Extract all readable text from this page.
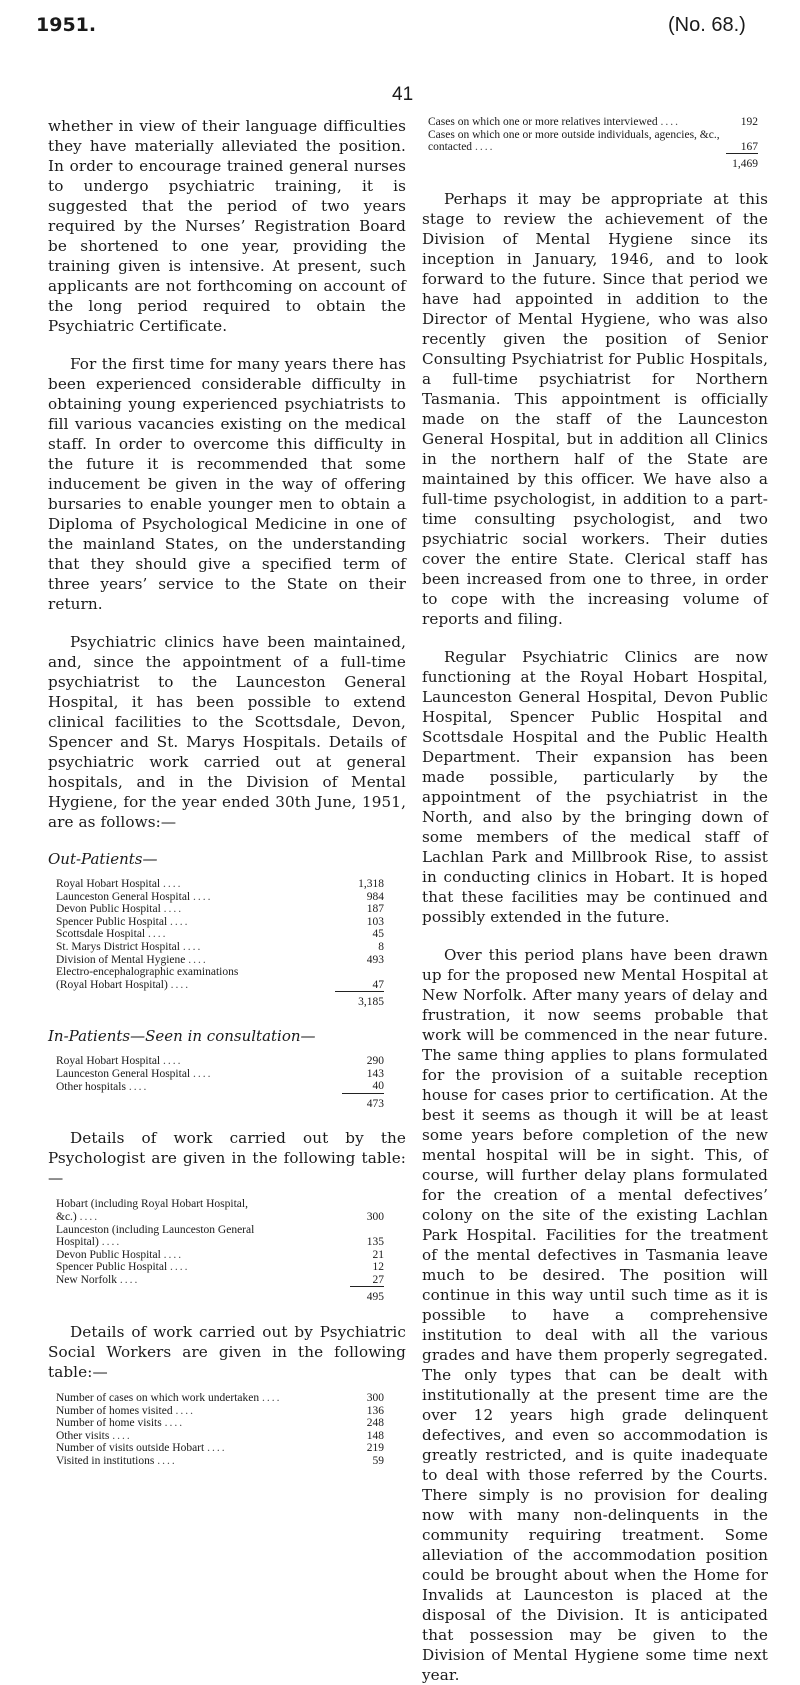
1951.	(No. 68.)
41

whether in view of their language difficulties they have materially alleviated the position. In order to encourage trained general nurses to undergo psychiatric training, it is suggested that the period of two years required by the Nurses’ Registration Board be shortened to one year, providing the training given is intensive. At present, such applicants are not forthcoming on account of the long period required to obtain the Psychiatric Certificate.

For the first time for many years there has been experienced considerable difficulty in obtaining young experienced psychiatrists to fill various vacancies existing on the medical staff. In order to overcome this difficulty in the future it is recommended that some inducement be given in the way of offering bursaries to enable younger men to obtain a Diploma of Psychological Medicine in one of the mainland States, on the understanding that they should give a specified term of three years’ service to the State on their return.

Psychiatric clinics have been maintained, and, since the appointment of a full-time psychiatrist to the Launceston General Hospital, it has been possible to extend clinical facilities to the Scottsdale, Devon, Spencer and St. Marys Hospitals. Details of psychiatric work carried out at general hospitals, and in the Division of Mental Hygiene, for the year ended 30th June, 1951, are as follows:—

Out-Patients—

Royal Hobart Hospital ....	1,318
Launceston General Hospital ....	984
Devon Public Hospital ....	187
Spencer Public Hospital ....	103
Scottsdale Hospital ....	45
St. Marys District Hospital ....	8
Division of Mental Hygiene ....	493
Electro-encephalographic examinations	
(Royal Hobart Hospital) ....	47
	3,185

In-Patients—Seen in consultation—

Royal Hobart Hospital ....	290
Launceston General Hospital ....	143
Other hospitals ....	40
	473

Details of work carried out by the Psychologist are given in the following table:—

Hobart (including Royal Hobart Hospital,	
&c.) ....	300
Launceston (including Launceston General	
Hospital) ....	135
Devon Public Hospital ....	21
Spencer Public Hospital ....	12
New Norfolk ....	27
	495

Details of work carried out by Psychiatric Social Workers are given in the following table:—

Number of cases on which work undertaken ....	300
Number of homes visited ....	136
Number of home visits ....	248
Other visits ....	148
Number of visits outside Hobart ....	219
Visited in institutions ....	59
Cases on which one or more relatives interviewed ....	192
Cases on which one or more outside individuals, agencies, &c., contacted ....	167
	1,469

Perhaps it may be appropriate at this stage to review the achievement of the Division of Mental Hygiene since its inception in January, 1946, and to look forward to the future. Since that period we have had appointed in addition to the Director of Mental Hygiene, who was also recently given the position of Senior Consulting Psychiatrist for Public Hospitals, a full-time psychiatrist for Northern Tasmania. This appointment is officially made on the staff of the Launceston General Hospital, but in addition all Clinics in the northern half of the State are maintained by this officer. We have also a full-time psychologist, in addition to a part-time consulting psychologist, and two psychiatric social workers. Their duties cover the entire State. Clerical staff has been increased from one to three, in order to cope with the increasing volume of reports and filing.

Regular Psychiatric Clinics are now functioning at the Royal Hobart Hospital, Launceston General Hospital, Devon Public Hospital, Spencer Public Hospital and Scottsdale Hospital and the Public Health Department. Their expansion has been made possible, particularly by the appointment of the psychiatrist in the North, and also by the bringing down of some members of the medical staff of Lachlan Park and Millbrook Rise, to assist in conducting clinics in Hobart. It is hoped that these facilities may be continued and possibly extended in the future.

Over this period plans have been drawn up for the proposed new Mental Hospital at New Norfolk. After many years of delay and frustration, it now seems probable that work will be commenced in the near future. The same thing applies to plans formulated for the provision of a suitable reception house for cases prior to certification. At the best it seems as though it will be at least some years before completion of the new mental hospital will be in sight. This, of course, will further delay plans formulated for the creation of a mental defectives’ colony on the site of the existing Lachlan Park Hospital. Facilities for the treatment of the mental defectives in Tasmania leave much to be desired. The position will continue in this way until such time as it is possible to have a comprehensive institution to deal with all the various grades and have them properly segregated. The only types that can be dealt with institutionally at the present time are the over 12 years high grade delinquent defectives, and even so accommodation is greatly restricted, and is quite inadequate to deal with those referred by the Courts. There simply is no provision for dealing now with many non-delinquents in the community requiring treatment. Some alleviation of the accommodation position could be brought about when the Home for Invalids at Launceston is placed at the disposal of the Division. It is anticipated that possession may be given to the Division of Mental Hygiene some time next year.
